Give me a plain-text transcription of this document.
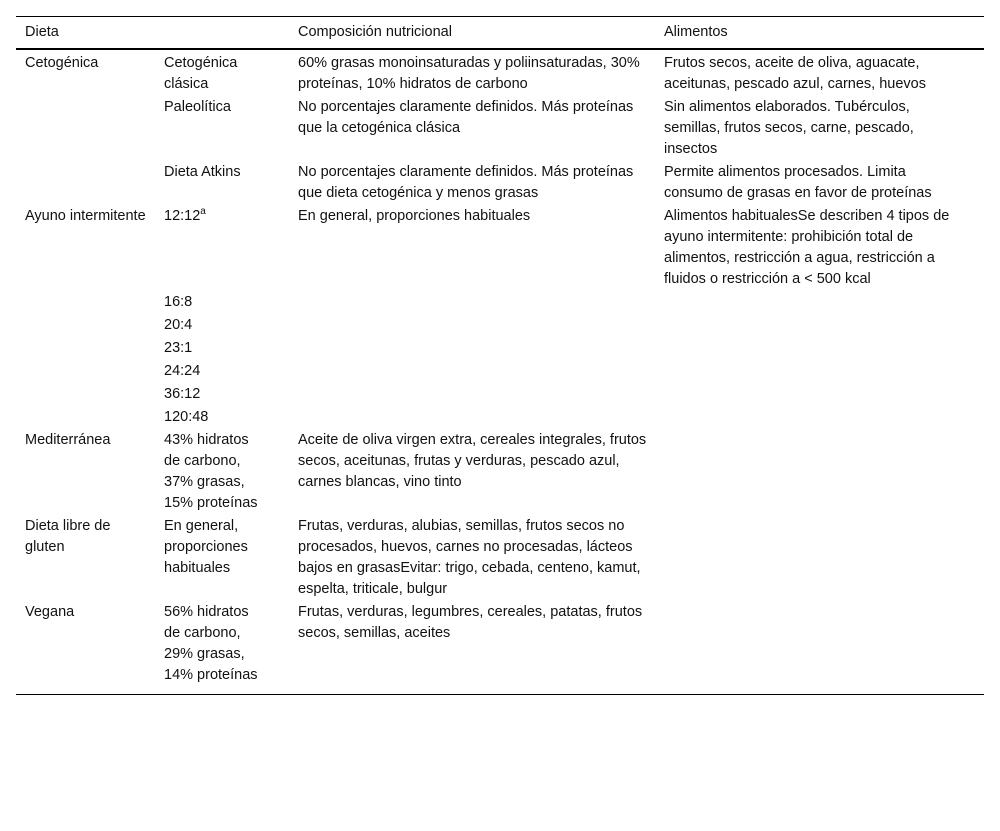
Dieta		Composición nutricional	Alimentos
Cetogénica	Cetogénica clásica	60% grasas monoinsaturadas y poliinsaturadas, 30% proteínas, 10% hidratos de carbono	Frutos secos, aceite de oliva, aguacate, aceitunas, pescado azul, carnes, huevos
	Paleolítica	No porcentajes claramente definidos. Más proteínas que la cetogénica clásica	Sin alimentos elaborados. Tubérculos, semillas, frutos secos, carne, pescado, insectos
	Dieta Atkins	No porcentajes claramente definidos. Más proteínas que dieta cetogénica y menos grasas	Permite alimentos procesados. Limita consumo de grasas en favor de proteínas
Ayuno intermitente	12:12$^a$	En general, proporciones habituales	Alimentos habitualesSe describen 4 tipos de ayuno intermitente: prohibición total de alimentos, restricción a agua, restricción a fluidos o restricción a < 500 kcal
	16:8		
	20:4		
	23:1		
	24:24		
	36:12		
	120:48		
Mediterránea	43% hidratos de carbono, 37% grasas, 15% proteínas	Aceite de oliva virgen extra, cereales integrales, frutos secos, aceitunas, frutas y verduras, pescado azul, carnes blancas, vino tinto	
Dieta libre de gluten	En general, proporciones habituales	Frutas, verduras, alubias, semillas, frutos secos no procesados, huevos, carnes no procesadas, lácteos bajos en grasasEvitar: trigo, cebada, centeno, kamut, espelta, triticale, bulgur	
Vegana	56% hidratos de carbono, 29% grasas, 14% proteínas	Frutas, verduras, legumbres, cereales, patatas, frutos secos, semillas, aceites	
